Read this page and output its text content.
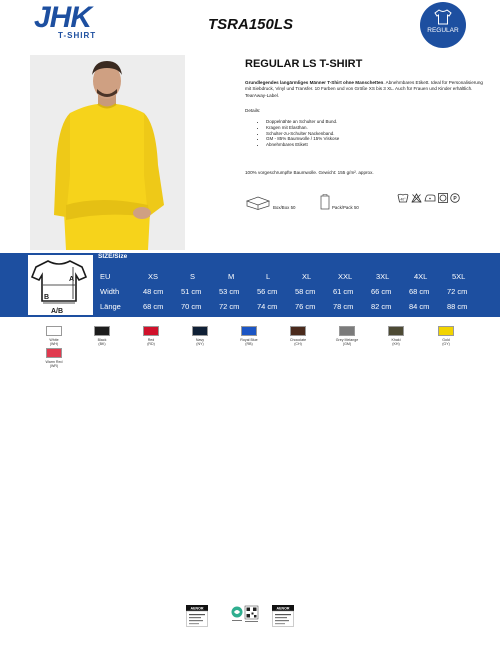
JHK
T-SHIRT
TSRA150LS	REGULAR
REGULAR LS T-SHIRT
Grundlegendes langärmliges Männer T-Shirt ohne Manschetten. Abnehmbares Etikett. Ideal für Personalisierung mit Siebdruck, Vinyl und Transfer. 10 Farben und von Größe XS bis 3 XL. Auch für Frauen und Kinder erhältlich. TearAway-Label.
Details:
• Doppelnähte an Schulter und Bund.
• Kragen mit Elasthan.
• Schulter-zu-Schulter Nackenband.
• GM - 85% Baumwolle / 15% Viskose
• Abnehmbares Etikett
100% vorgeschrumpfte Baumwolle. Gewicht: 155 g/m². approx.
Box/Box 50	Pack/Pack 50
40°	P
A
B
A/B
SIZE/Size
EU	XS	S	M	L	XL	XXL	3XL	4XL	5XL
Width	48 cm 51 cm 53 cm 56 cm 58 cm 61 cm 66 cm 68 cm 72 cm
Länge	68 cm 70 cm 72 cm 74 cm 76 cm 78 cm 82 cm 84 cm 88 cm
White
(WH)
Black
(BK)
Red
(RD)
Navy
(NY)
Royal Blue
(RB)
Chocolate
(CH)
Grey Melange
(GM)
Khaki
(KH)
Gold
(GY)
Warm Red
(WR)
AENOR	AENOR
